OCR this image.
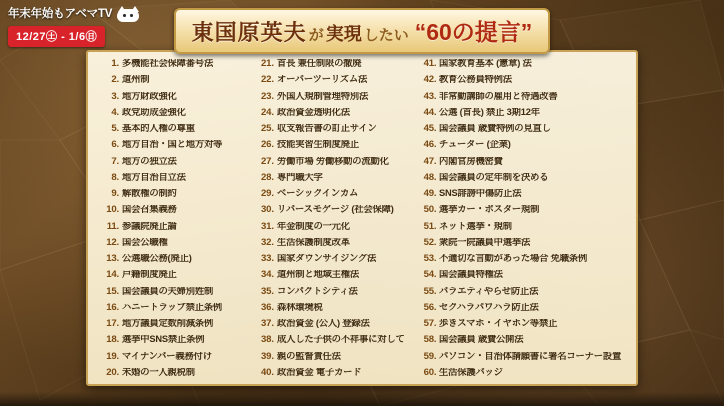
年末年始もアベマTV
12/27㊏ - 1/6㊐	東国原英夫 が 実現 したい “60の提言”
1. 多機能社会保障番号法
2. 道州制
3. 地方財政強化
4. 政党助成金強化
5. 基本的人権の尊重
6. 地方自治・国と地方対等
7. 地方の独立法
8. 地方自治自立法
9. 解散権の制約
10. 国会召集義務
11. 参議院廃止論
12. 国会公職権
13. 公選職公務(廃止)
14. 戸籍制度廃止
15. 国会議員の夫婦別姓制
16. ハニートラップ禁止条例
17. 地方議員定数削減条例
18. 選挙中SNS禁止条例
19. マイナンバー義務付け
20. 未婚の一人親税制
21. 首長 兼任制限の撤廃
22. オーバーツーリズム法
23. 外国人規制管理特別法
24. 政治資金透明化法
25. 収支報告書の訂正サイン
26. 技能実習生制度廃止
27. 労働市場 労働移動の流動化
28. 専門職大学
29. ベーシックインカム
30. リバースモゲージ (社会保障)
31. 年金制度の一元化
32. 生活保護制度改革
33. 国家ダウンサイジング法
34. 道州制と地域主権法
35. コンパクトシティ法
36. 森林環境税
37. 政治資金 (公人) 登録法
38. 成人した子供の不祥事に対して
39. 親の監督責任法
40. 政治資金 電子カード
41. 国家教育基本 (憲章) 法
42. 教育公務員特例法
43. 非常勤講師の雇用と待遇改善
44. 公選 (首長) 禁止 3期12年
45. 国会議員 歳費特例の見直し
46. チューター (企業)
47. 内閣官房機密費
48. 国会議員の定年制を決める
49. SNS誹謗中傷防止法
50. 選挙カー・ポスター規制
51. ネット選挙・規制
52. 衆院一院議員中選挙法
53. 不適切な言動があった場合 免職条例
54. 国会議員特権法
55. バラエティやらせ防止法
56. セクハラパワハラ防止法
57. 歩きスマホ・イヤホン等禁止
58. 国会議員 歳費公開法
59. パソコン・自治体請願書に署名コーナー設置
60. 生活保護バッジ
